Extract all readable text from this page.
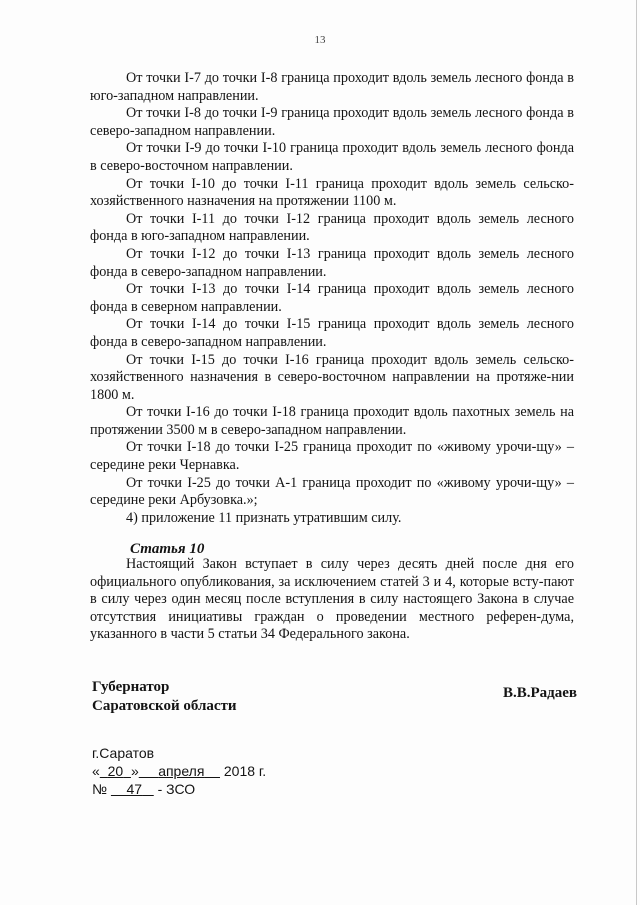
13

От точки I-7 до точки I-8 граница проходит вдоль земель лесного фонда в юго-западном направлении.

От точки I-8 до точки I-9 граница проходит вдоль земель лесного фонда в северо-западном направлении.

От точки I-9 до точки I-10 граница проходит вдоль земель лесного фонда в северо-восточном направлении.

От точки I-10 до точки I-11 граница проходит вдоль земель сельско-хозяйственного назначения на протяжении 1100 м.

От точки I-11 до точки I-12 граница проходит вдоль земель лесного фонда в юго-западном направлении.

От точки I-12 до точки I-13 граница проходит вдоль земель лесного фонда в северо-западном направлении.

От точки I-13 до точки I-14 граница проходит вдоль земель лесного фонда в северном направлении.

От точки I-14 до точки I-15 граница проходит вдоль земель лесного фонда в северо-западном направлении.

От точки I-15 до точки I-16 граница проходит вдоль земель сельско-хозяйственного назначения в северо-восточном направлении на протяже-нии 1800 м.

От точки I-16 до точки I-18 граница проходит вдоль пахотных земель на протяжении 3500 м в северо-западном направлении.

От точки I-18 до точки I-25 граница проходит по «живому урочи-щу» – середине реки Чернавка.

От точки I-25 до точки А-1 граница проходит по «живому урочи-щу» – середине реки Арбузовка.»;

4) приложение 11 признать утратившим силу.

Статья 10

Настоящий Закон вступает в силу через десять дней после дня его официального опубликования, за исключением статей 3 и 4, которые всту-пают в силу через один месяц после вступления в силу настоящего Закона в случае отсутствия инициативы граждан о проведении местного референ-дума, указанного в части 5 статьи 34 Федерального закона.

Губернатор
Саратовской области
В.В.Радаев
г.Саратов
« 20 » апреля 2018 г.
№ 47 - ЗСО
